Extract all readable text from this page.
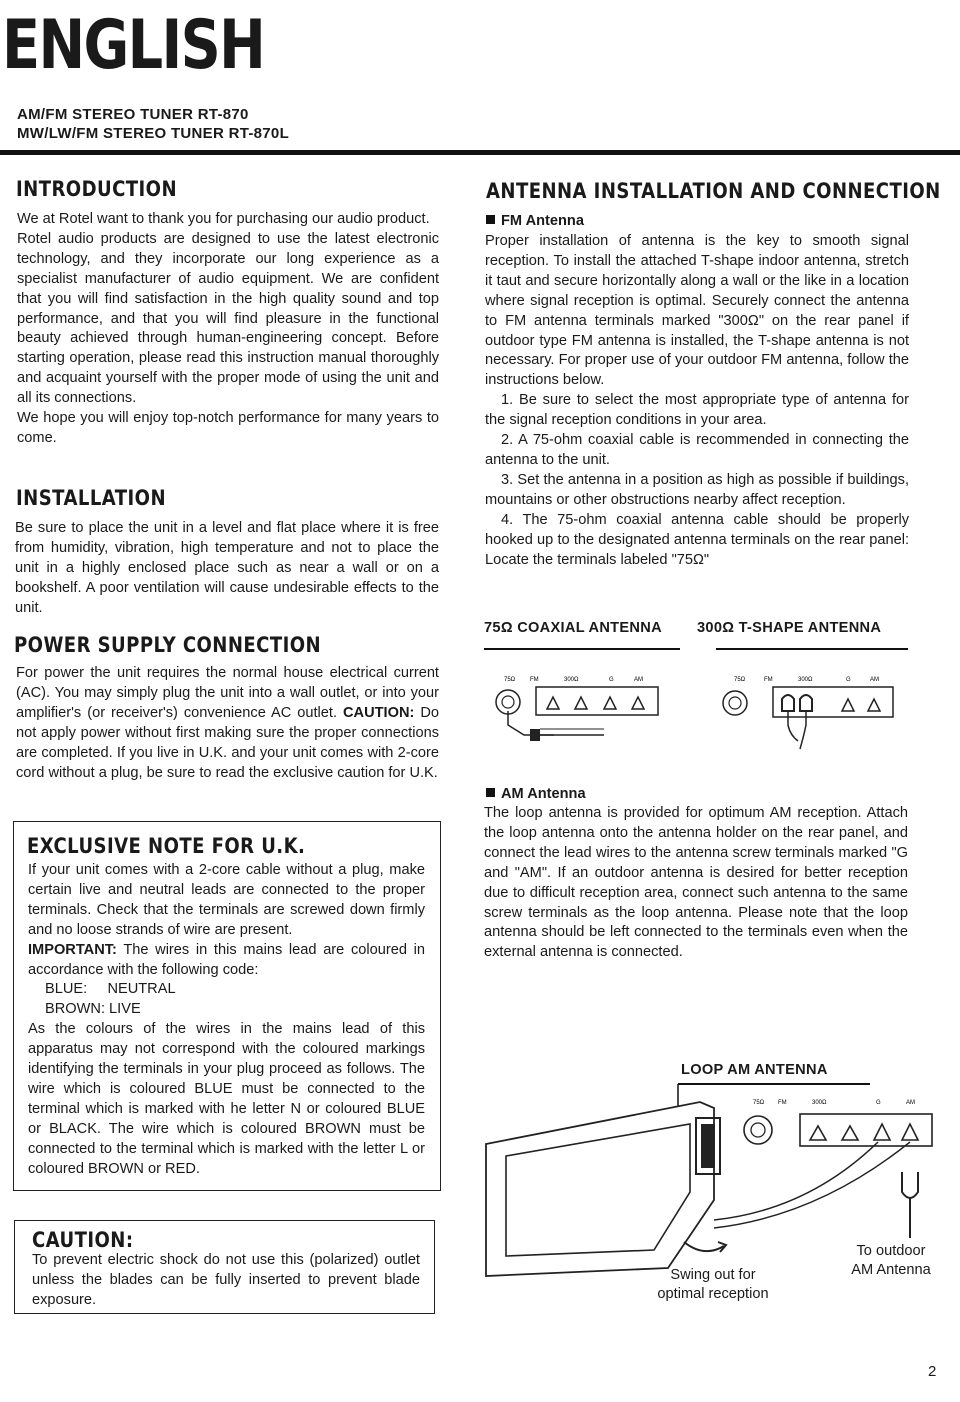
ENGLISH
AM/FM STEREO TUNER RT-870
MW/LW/FM STEREO TUNER RT-870L
INTRODUCTION

We at Rotel want to thank you for purchasing our audio product.

Rotel audio products are designed to use the latest electronic technology, and they incorporate our long experience as a specialist manufacturer of audio equipment. We are confident that you will find satisfaction in the high quality sound and top performance, and that you will find pleasure in the functional beauty achieved through human-engineering concept. Before starting operation, please read this instruction manual thoroughly and acquaint yourself with the proper mode of using the unit and all its connections.

We hope you will enjoy top-notch performance for many years to come.

INSTALLATION

Be sure to place the unit in a level and flat place where it is free from humidity, vibration, high temperature and not to place the unit in a highly enclosed place such as near a wall or on a bookshelf. A poor ventilation will cause undesirable effects to the unit.

POWER SUPPLY CONNECTION

For power the unit requires the normal house electrical current (AC). You may simply plug the unit into a wall outlet, or into your amplifier's (or receiver's) convenience AC outlet. CAUTION: Do not apply power without first making sure the proper connections are completed. If you live in U.K. and your unit comes with 2-core cord without a plug, be sure to read the exclusive caution for U.K.

EXCLUSIVE NOTE FOR U.K.

If your unit comes with a 2-core cable without a plug, make certain live and neutral leads are connected to the proper terminals. Check that the terminals are screwed down firmly and no loose strands of wire are present.

IMPORTANT: The wires in this mains lead are coloured in accordance with the following code:

BLUE:     NEUTRAL

BROWN: LIVE

As the colours of the wires in the mains lead of this apparatus may not correspond with the coloured markings identifying the terminals in your plug proceed as follows. The wire which is coloured BLUE must be connected to the terminal which is marked with he letter N or coloured BLUE or BLACK. The wire which is coloured BROWN must be connected to the terminal which is marked with the letter L or coloured BROWN or RED.

CAUTION:

To prevent electric shock do not use this (polarized) outlet unless the blades can be fully inserted to prevent blade exposure.

ANTENNA INSTALLATION AND CONNECTION
FM Antenna

Proper installation of antenna is the key to smooth signal reception. To install the attached T-shape indoor antenna, stretch it taut and secure horizontally along a wall or the like in a location where signal reception is optimal. Securely connect the antenna to FM antenna terminals marked "300Ω" on the rear panel if outdoor type FM antenna is installed, the T-shape antenna is not necessary. For proper use of your outdoor FM antenna, follow the instructions below.

1. Be sure to select the most appropriate type of antenna for the signal reception conditions in your area.

2. A 75-ohm coaxial cable is recommended in connecting the antenna to the unit.

3. Set the antenna in a position as high as possible if buildings, mountains or other obstructions nearby affect reception.

4. The 75-ohm coaxial antenna cable should be properly hooked up to the designated antenna terminals on the rear panel: Locate the terminals labeled "75Ω"

75Ω COAXIAL ANTENNA 300Ω T-SHAPE ANTENNA
75Ω FM	300Ω	G	AM	75Ω	FM	300Ω	G	AM
AM Antenna

The loop antenna is provided for optimum AM reception. Attach the loop antenna onto the antenna holder on the rear panel, and connect the lead wires to the antenna screw terminals marked "G and "AM". If an outdoor antenna is desired for better reception due to difficult reception area, connect such antenna to the same screw terminals as the loop antenna. Please note that the loop antenna should be left connected to the terminals even when the external antenna is connected.

LOOP AM ANTENNA
75Ω FM	300Ω	G	AM
Swing out for
optimal reception
To outdoor
AM Antenna
2
